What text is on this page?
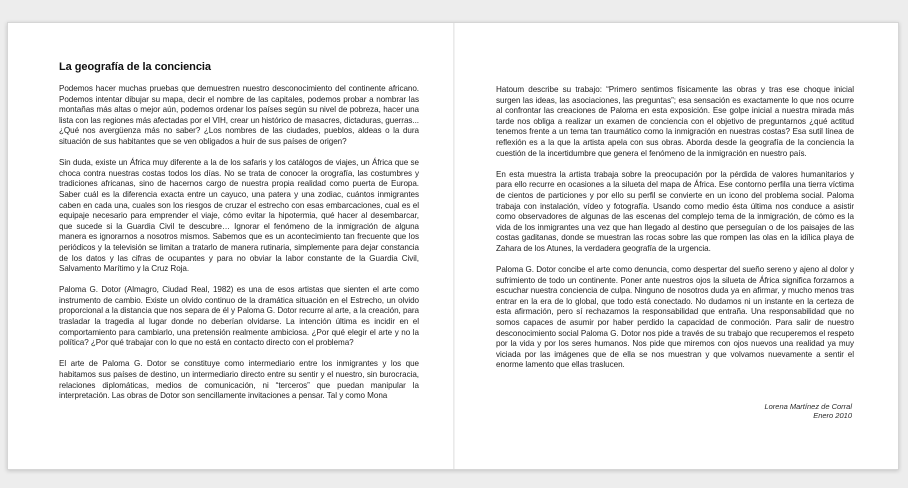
La geografía de la conciencia

Podemos hacer muchas pruebas que demuestren nuestro desconocimiento del continente africano. Podemos intentar dibujar su mapa, decir el nombre de las capitales, podemos probar a nombrar las montañas más altas o mejor aún, podemos ordenar los países según su nivel de pobreza, hacer una lista con las regiones más afectadas por el VIH, crear un histórico de masacres, dictaduras, guerras... ¿Qué nos avergüenza más no saber? ¿Los nombres de las ciudades, pueblos, aldeas o la dura situación de sus habitantes que se ven obligados a huir de sus países de origen?

Sin duda, existe un África muy diferente a la de los safaris y los catálogos de viajes, un África que se choca contra nuestras costas todos los días. No se trata de conocer la orografía, las costumbres y tradiciones africanas, sino de hacernos cargo de nuestra propia realidad como puerta de Europa. Saber cuál es la diferencia exacta entre un cayuco, una patera y una zodiac, cuántos inmigrantes caben en cada una, cuales son los riesgos de cruzar el estrecho con esas embarcaciones, cual es el equipaje necesario para emprender el viaje, cómo evitar la hipotermia, qué hacer al desembarcar, que sucede si la Guardia Civil te descubre… Ignorar el fenómeno de la inmigración de alguna manera es ignorarnos a nosotros mismos. Sabemos que es un acontecimiento tan frecuente que los periódicos y la televisión se limitan a tratarlo de manera rutinaria, simplemente para dejar constancia de los datos y las cifras de ocupantes y para no obviar la labor constante de la Guardia Civil, Salvamento Marítimo y la Cruz Roja.

Paloma G. Dotor (Almagro, Ciudad Real, 1982) es una de esos artistas que sienten el arte como instrumento de cambio. Existe un olvido continuo de la dramática situación en el Estrecho, un olvido proporcional a la distancia que nos separa de él y Paloma G. Dotor recurre al arte, a la creación, para trasladar la tragedia al lugar donde no deberían olvidarse. La intención última es incidir en el comportamiento para cambiarlo, una pretensión realmente ambiciosa. ¿Por qué elegir el arte y no la política? ¿Por qué trabajar con lo que no está en contacto directo con el problema?

El arte de Paloma G. Dotor se constituye como intermediario entre los inmigrantes y los que habitamos sus países de destino, un intermediario directo entre su sentir y el nuestro, sin burocracia, relaciones diplomáticas, medios de comunicación, ni “terceros” que puedan manipular la interpretación. Las obras de Dotor son sencillamente invitaciones a pensar. Tal y como Mona

Hatoum describe su trabajo: “Primero sentimos físicamente las obras y tras ese choque inicial surgen las ideas, las asociaciones, las preguntas”; esa sensación es exactamente lo que nos ocurre al confrontar las creaciones de Paloma en esta exposición. Ese golpe inicial a nuestra mirada más tarde nos obliga a realizar un examen de conciencia con el objetivo de preguntarnos ¿qué actitud tenemos frente a un tema tan traumático como la inmigración en nuestras costas? Esa sutil línea de reflexión es a la que la artista apela con sus obras. Aborda desde la geografía de la conciencia la cuestión de la incertidumbre que genera el fenómeno de la inmigración en nuestro país.

En esta muestra la artista trabaja sobre la preocupación por la pérdida de valores humanitarios y para ello recurre en ocasiones a la silueta del mapa de África. Ese contorno perfila una tierra víctima de cientos de particiones y por ello su perfil se convierte en un icono del problema social. Paloma trabaja con instalación, vídeo y fotografía. Usando como medio ésta última nos conduce a asistir como observadores de algunas de las escenas del complejo tema de la inmigración, de cómo es la vida de los inmigrantes una vez que han llegado al destino que perseguían o de los paisajes de las costas gaditanas, donde se muestran las rocas sobre las que rompen las olas en la idílica playa de Zahara de los Atunes, la verdadera geografía de la urgencia.

Paloma G. Dotor concibe el arte como denuncia, como despertar del sueño sereno y ajeno al dolor y sufrimiento de todo un continente. Poner ante nuestros ojos la silueta de África significa forzarnos a escuchar nuestra conciencia de culpa. Ninguno de nosotros duda ya en afirmar, y mucho menos tras entrar en la era de lo global, que todo está conectado. No dudamos ni un instante en la certeza de esta afirmación, pero sí rechazamos la responsabilidad que entraña. Una responsabilidad que no somos capaces de asumir por haber perdido la capacidad de conmoción. Para salir de nuestro desconocimiento social Paloma G. Dotor nos pide a través de su trabajo que recuperemos el respeto por la vida y por los seres humanos. Nos pide que miremos con ojos nuevos una realidad ya muy viciada por las imágenes que de ella se nos muestran y que volvamos nuevamente a sentir el enorme lamento que ellas traslucen.

Lorena Martínez de Corral
Enero 2010
